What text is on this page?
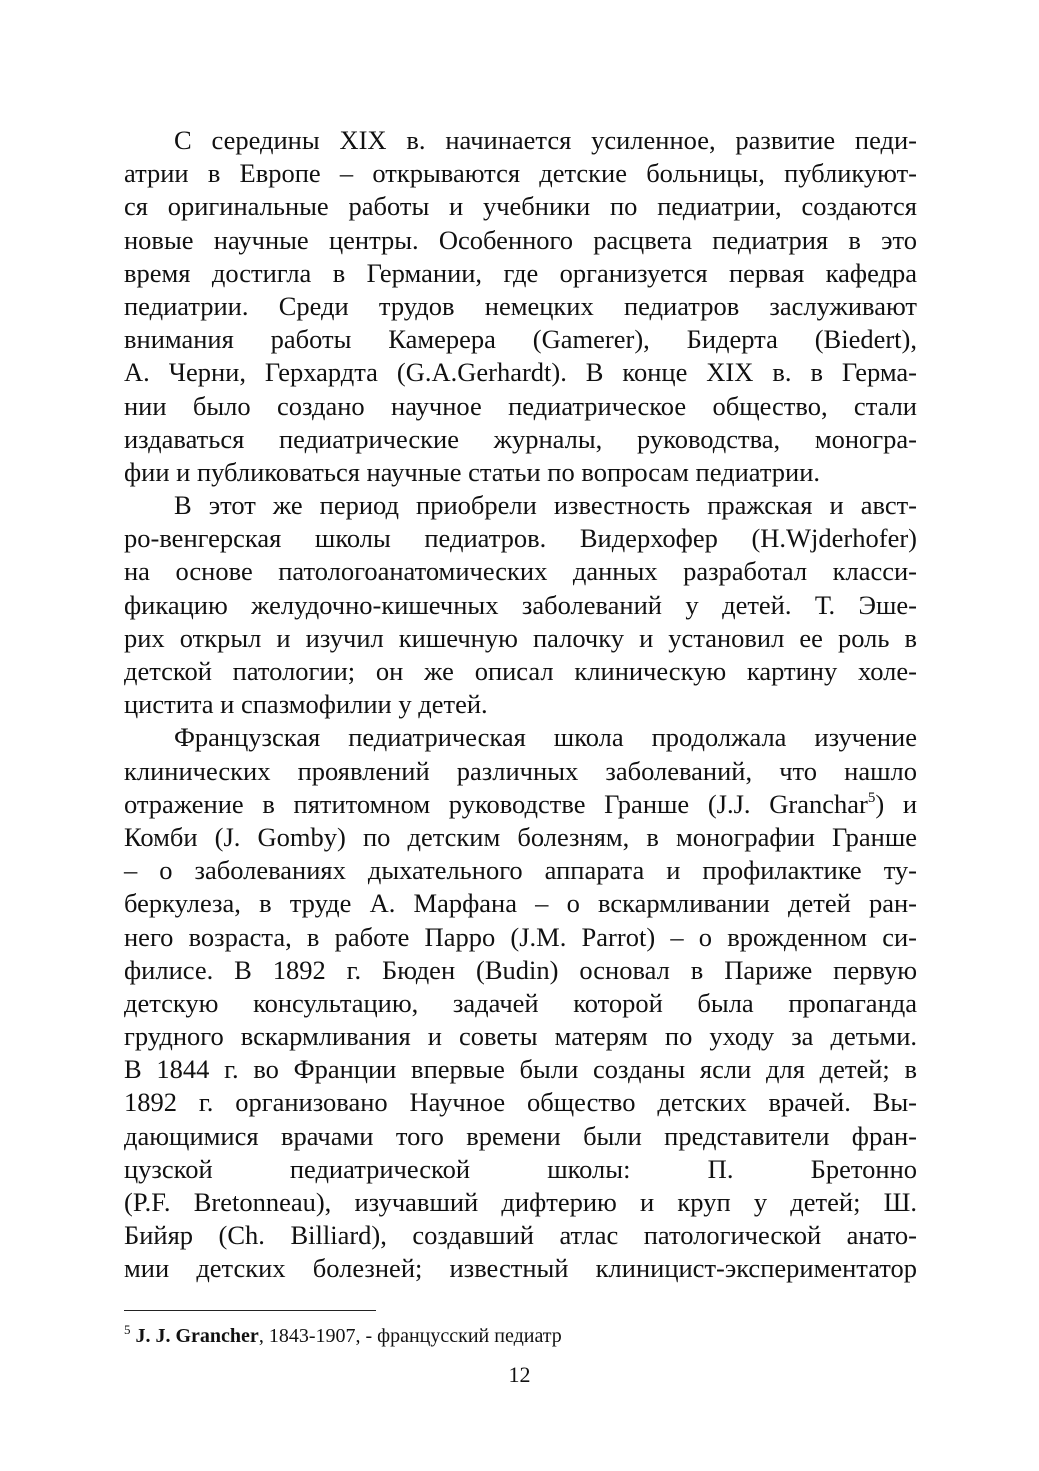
С середины XIX в. начинается усиленное, развитие педи-
атрии в Европе – открываются детские больницы, публикуют-
ся оригинальные работы и учебники по педиатрии, создаются
новые научные центры. Особенного расцвета педиатрия в это
время достигла в Германии, где организуется первая кафедра
педиатрии. Среди трудов немецких педиатров заслуживают
внимания работы Камерера (Gamerer), Бидерта (Biedert),
А. Черни, Герхардта (G.A.Gerhardt). В конце XIX в. в Герма-
нии было создано научное педиатрическое общество, стали
издаваться педиатрические журналы, руководства, моногра-
фии и публиковаться научные статьи по вопросам педиатрии.
В этот же период приобрели известность пражская и авст-
ро-венгерская школы педиатров. Видерхофер (H.Wjderhofer)
на основе патологоанатомических данных разработал класси-
фикацию желудочно-кишечных заболеваний у детей. Т. Эше-
рих открыл и изучил кишечную палочку и установил ее роль в
детской патологии; он же описал клиническую картину холе-
цистита и спазмофилии у детей.
Французская педиатрическая школа продолжала изучение
клинических проявлений различных заболеваний, что нашло
отражение в пятитомном руководстве Гранше (J.J. Granchar$^5$) и
Комби (J. Gomby) по детским болезням, в монографии Гранше
– о заболеваниях дыхательного аппарата и профилактике ту-
беркулеза, в труде А. Марфана – о вскармливании детей ран-
него возраста, в работе Парро (J.M. Parrot) – о врожденном си-
филисе. В 1892 г. Бюден (Budin) основал в Париже первую
детскую консультацию, задачей которой была пропаганда
грудного вскармливания и советы матерям по уходу за детьми.
В 1844 г. во Франции впервые были созданы ясли для детей; в
1892 г. организовано Научное общество детских врачей. Вы-
дающимися врачами того времени были представители фран-
цузской педиатрической школы: П. Бретонно
(P.F. Bretonneau), изучавший дифтерию и круп у детей; Ш.
Бийяр (Ch. Billiard), создавший атлас патологической анато-
мии детских болезней; известный клиницист-экспериментатор
$^5$ J. J. Grancher, 1843-1907, - францусский педиатр
12
